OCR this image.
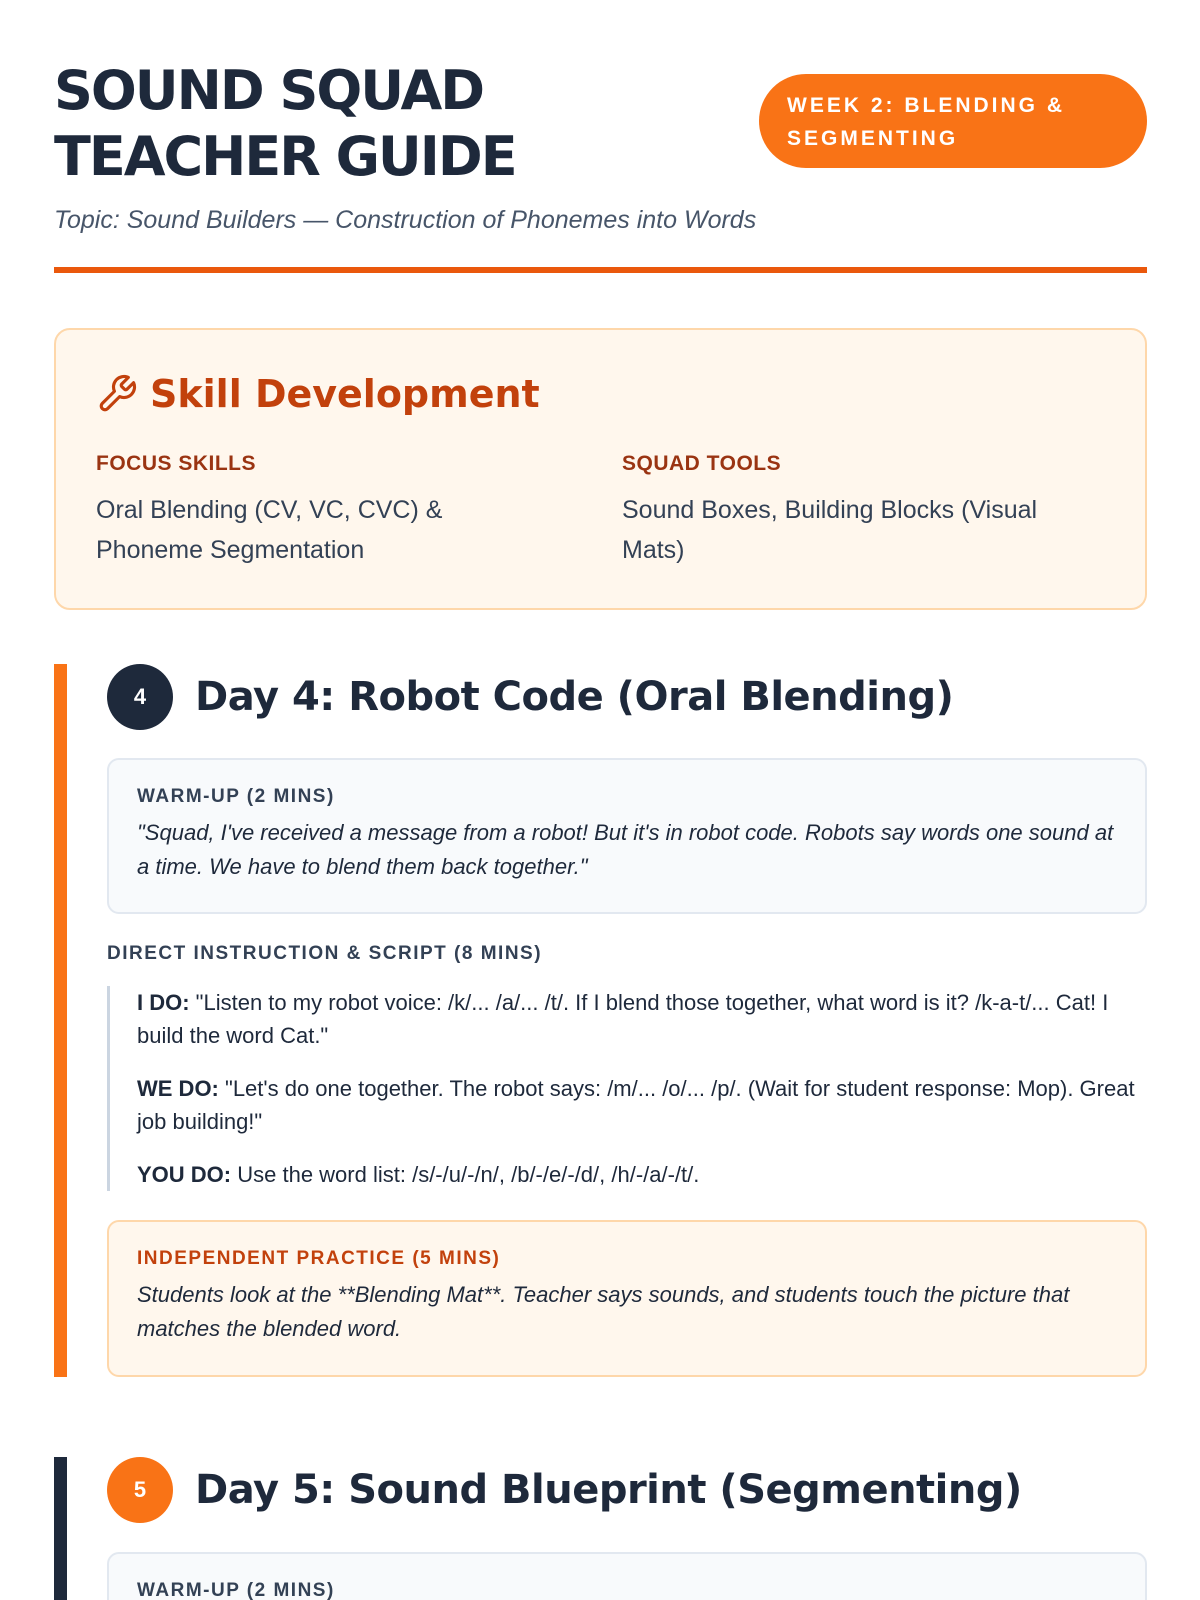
SOUND SQUAD
TEACHER GUIDE
WEEK 2: BLENDING & SEGMENTING
Topic: Sound Builders — Construction of Phonemes into Words
Skill Development
FOCUS SKILLS
Oral Blending (CV, VC, CVC) & Phoneme Segmentation
SQUAD TOOLS
Sound Boxes, Building Blocks (Visual Mats)
4	Day 4: Robot Code (Oral Blending)
WARM-UP (2 MINS)
"Squad, I've received a message from a robot! But it's in robot code. Robots say words one sound at a time. We have to blend them back together."
DIRECT INSTRUCTION & SCRIPT (8 MINS)

I DO: "Listen to my robot voice: /k/... /a/... /t/. If I blend those together, what word is it? /k-a-t/... Cat! I build the word Cat."

WE DO: "Let's do one together. The robot says: /m/... /o/... /p/. (Wait for student response: Mop). Great job building!"

YOU DO: Use the word list: /s/-/u/-/n/, /b/-/e/-/d/, /h/-/a/-/t/.

INDEPENDENT PRACTICE (5 MINS)
Students look at the **Blending Mat**. Teacher says sounds, and students touch the picture that matches the blended word.
5	Day 5: Sound Blueprint (Segmenting)
WARM-UP (2 MINS)
